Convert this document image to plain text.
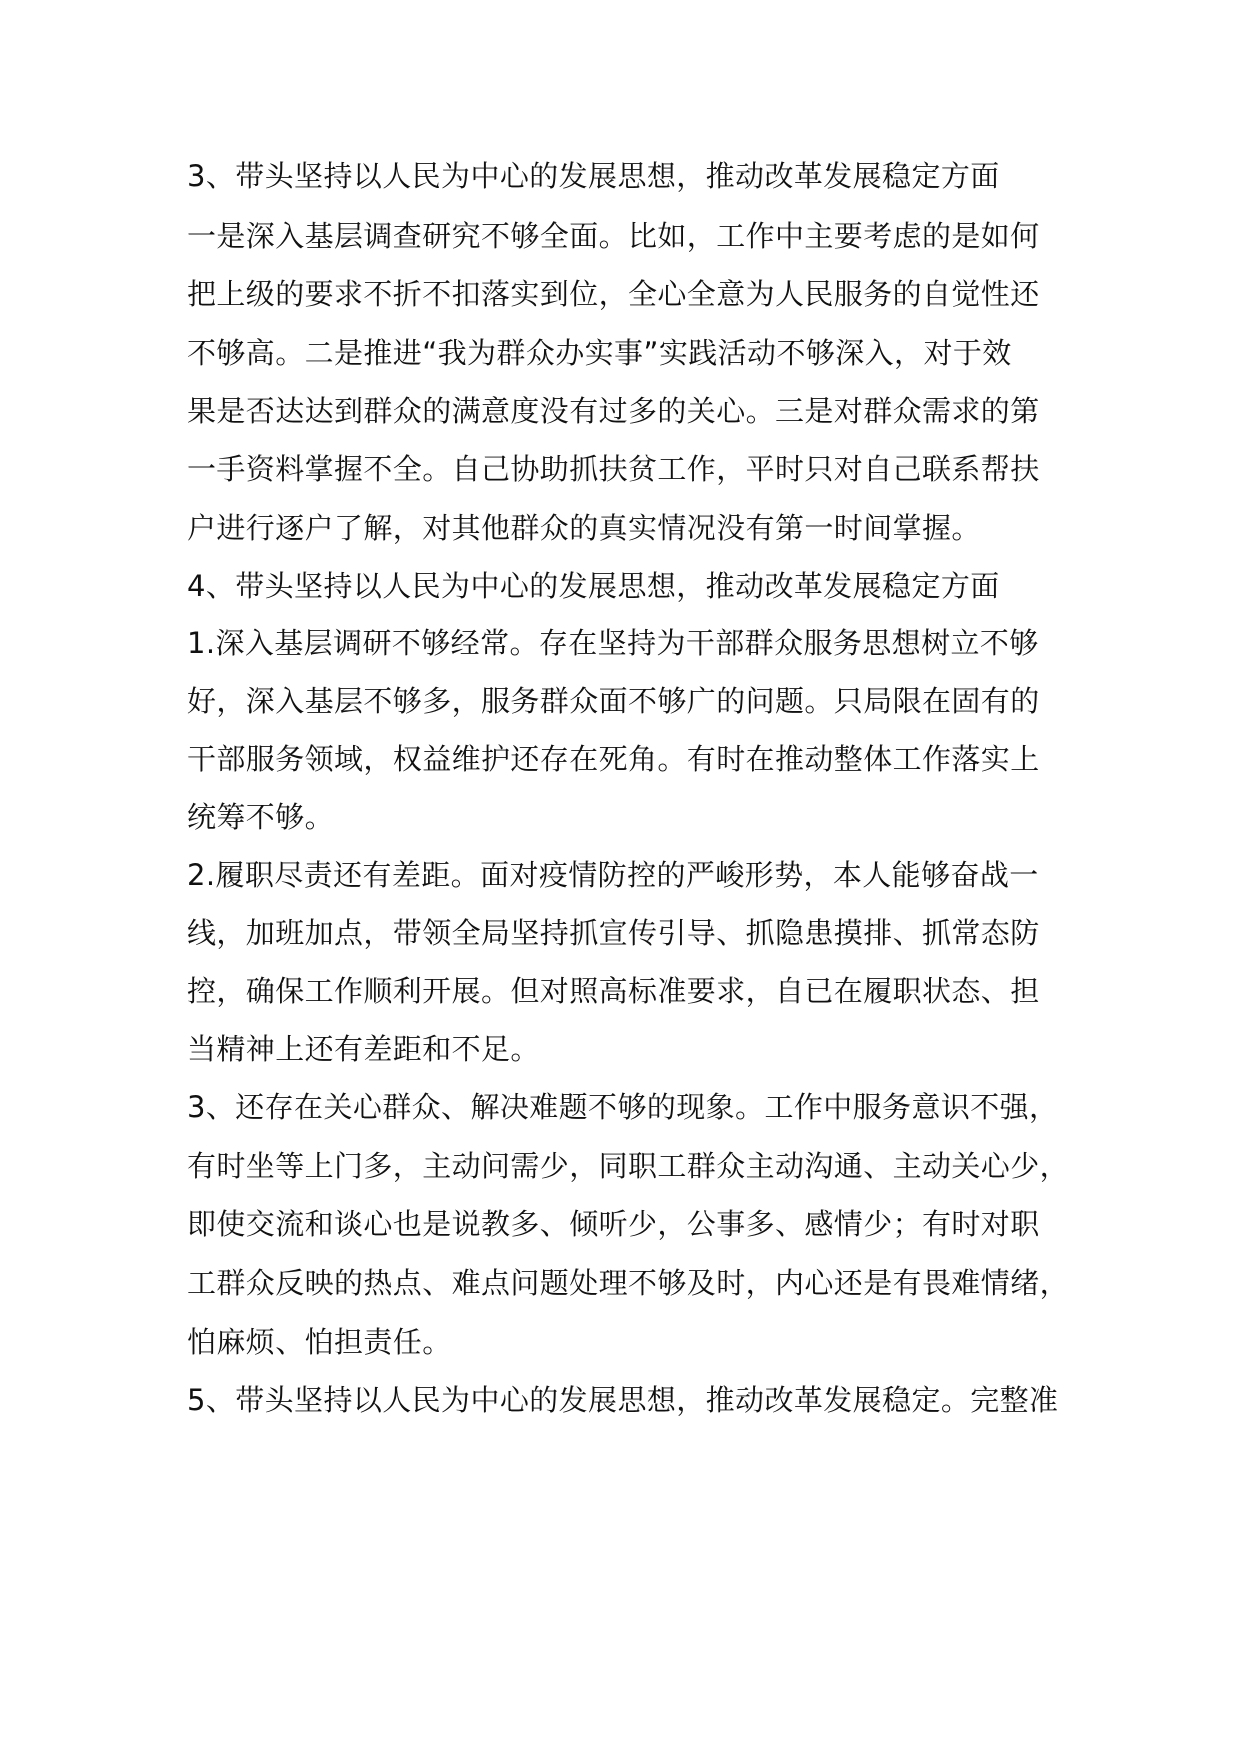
3、带头坚持以人民为中心的发展思想，推动改革发展稳定方面
一是深入基层调查研究不够全面。比如，工作中主要考虑的是如何
把上级的要求不折不扣落实到位，全心全意为人民服务的自觉性还
不够高。二是推进“我为群众办实事”实践活动不够深入，对于效
果是否达达到群众的满意度没有过多的关心。三是对群众需求的第
一手资料掌握不全。自己协助抓扶贫工作，平时只对自己联系帮扶
户进行逐户了解，对其他群众的真实情况没有第一时间掌握。
4、带头坚持以人民为中心的发展思想，推动改革发展稳定方面
1.深入基层调研不够经常。存在坚持为干部群众服务思想树立不够
好，深入基层不够多，服务群众面不够广的问题。只局限在固有的
干部服务领域，权益维护还存在死角。有时在推动整体工作落实上
统筹不够。
2.履职尽责还有差距。面对疫情防控的严峻形势，本人能够奋战一
线，加班加点，带领全局坚持抓宣传引导、抓隐患摸排、抓常态防
控，确保工作顺利开展。但对照高标准要求，自已在履职状态、担
当精神上还有差距和不足。
3、还存在关心群众、解决难题不够的现象。工作中服务意识不强，
有时坐等上门多，主动问需少，同职工群众主动沟通、主动关心少，
即使交流和谈心也是说教多、倾听少，公事多、感情少；有时对职
工群众反映的热点、难点问题处理不够及时，内心还是有畏难情绪，
怕麻烦、怕担责任。
5、带头坚持以人民为中心的发展思想，推动改革发展稳定。完整准
